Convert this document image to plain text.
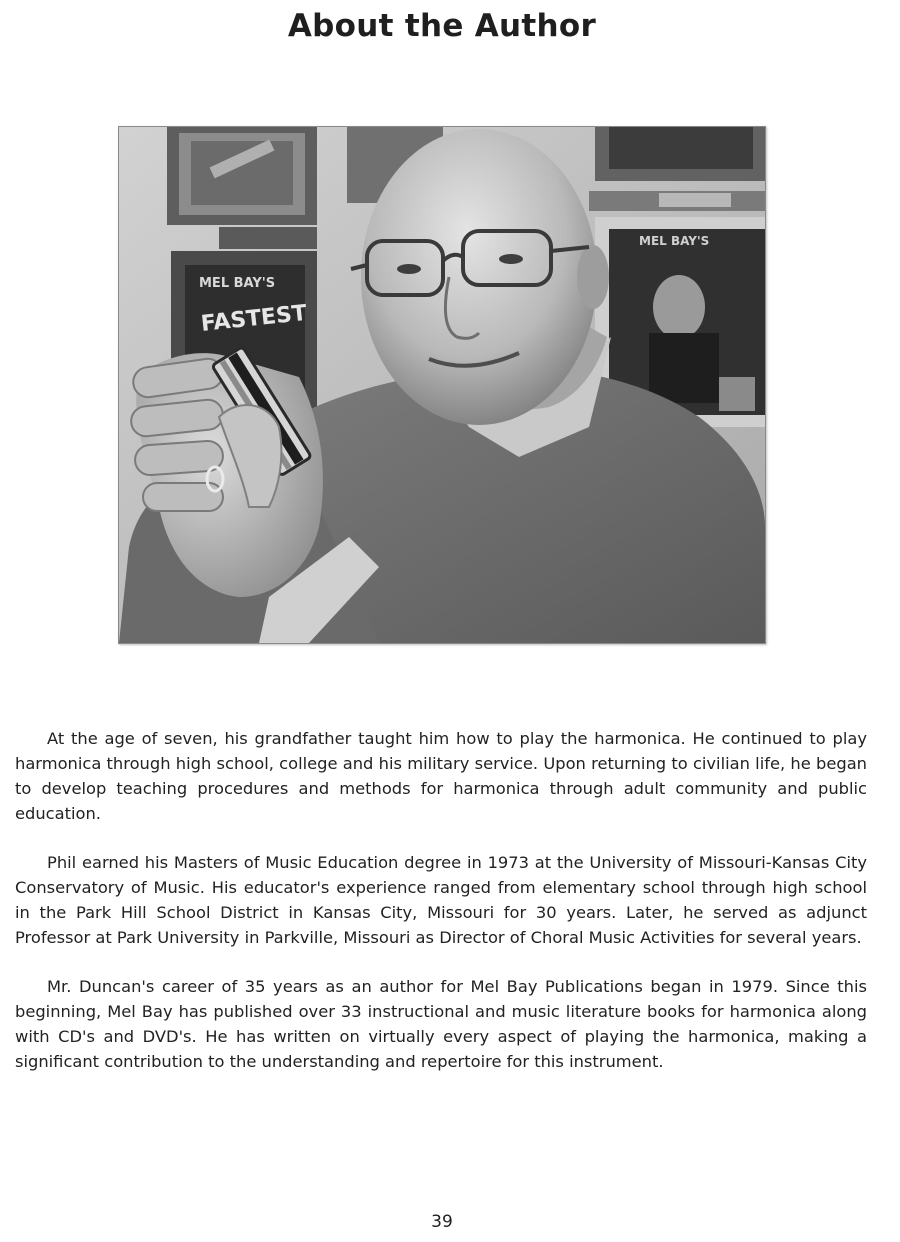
About the Author
MEL BAY'S
FASTEST
MEL BAY'S

At the age of seven, his grandfather taught him how to play the harmonica. He continued to play harmonica through high school, college and his military service. Upon returning to civilian life, he began to develop teaching procedures and methods for harmonica through adult community and public education.

Phil earned his Masters of Music Education degree in 1973 at the University of Missouri-Kansas City Conservatory of Music. His educator's experience ranged from elementary school through high school in the Park Hill School District in Kansas City, Missouri for 30 years. Later, he served as adjunct Professor at Park University in Parkville, Missouri as Director of Choral Music Activities for several years.

Mr. Duncan's career of 35 years as an author for Mel Bay Publications began in 1979. Since this beginning, Mel Bay has published over 33 instructional and music literature books for harmonica along with CD's and DVD's. He has written on virtually every aspect of playing the harmonica, making a significant contribution to the understanding and repertoire for this instrument.

39
